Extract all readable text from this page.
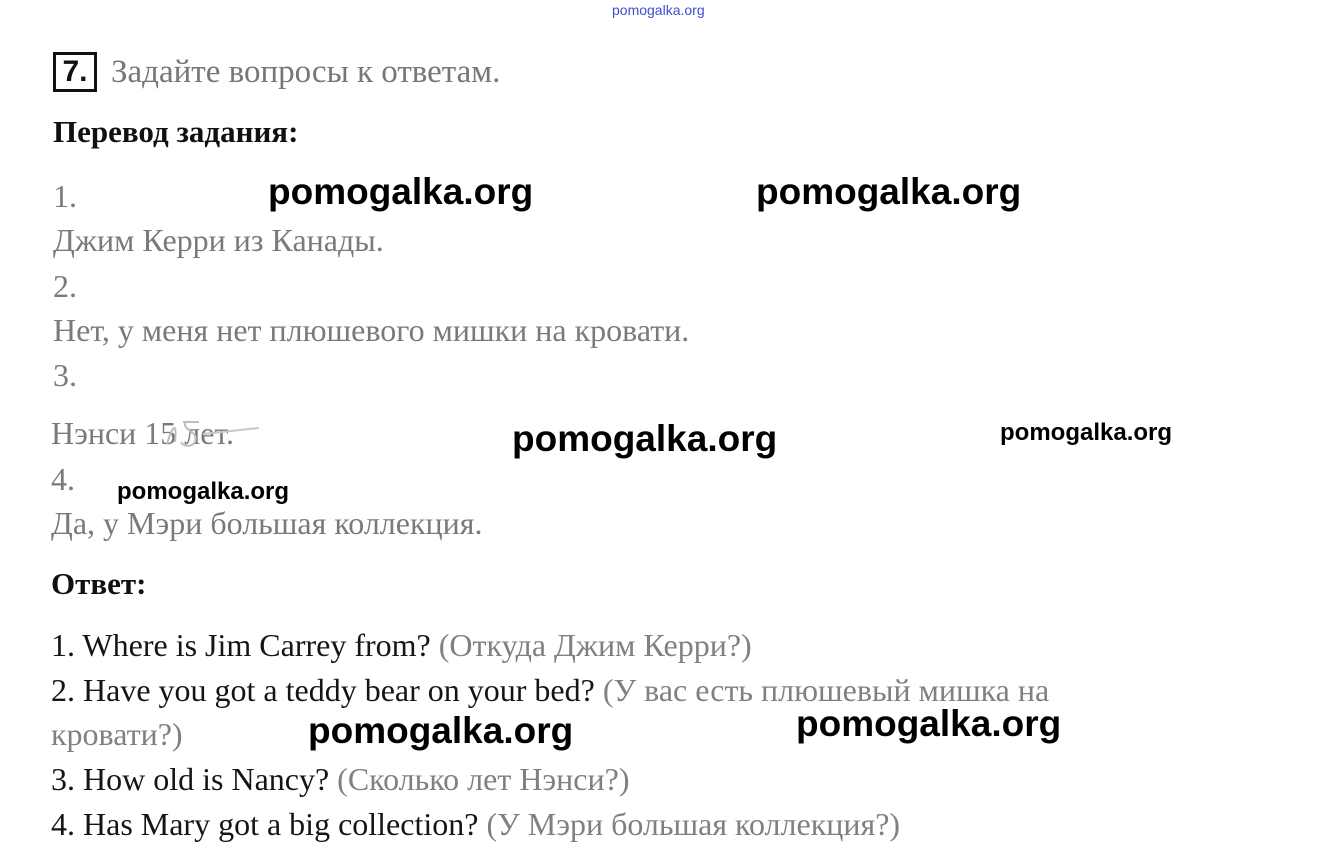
pomogalka.org
7. Задайте вопросы к ответам.
Перевод задания:
1.
Джим Керри из Канады.
2.
Нет, у меня нет плюшевого мишки на кровати.
3.
Нэнси 15 лет.
4.
Да, у Мэри большая коллекция.
Ответ:
1. Where is Jim Carrey from? (Откуда Джим Керри?)
2. Have you got a teddy bear on your bed? (У вас есть плюшевый мишка на
кровати?)
3. How old is Nancy? (Сколько лет Нэнси?)
4. Has Mary got a big collection? (У Мэри большая коллекция?)
pomogalka.org	pomogalka.org
pomogalka.org	pomogalka.org
pomogalka.org
pomogalka.org	pomogalka.org
